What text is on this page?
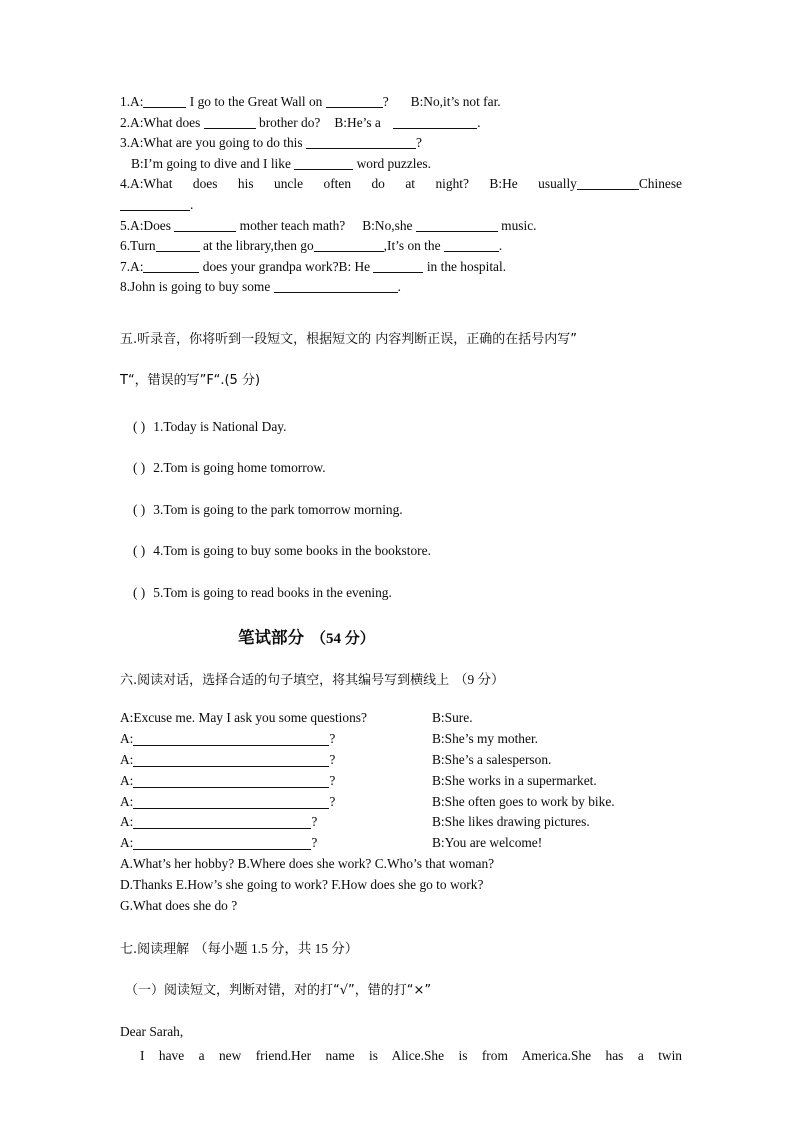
1.A:	I go to the Great Wall on	? B:No,it’s not far.
2.A:What does	brother do? B:He’s a	.
3.A:What are you going to do this	?
B:I’m going to dive and I like	word puzzles.
4.A:What does his uncle often do at night? B:He usually	Chinese
.
5.A:Does	mother teach math? B:No,she	music.
6.Turn	at the library,then go	,It’s on the	.
7.A:	does your grandpa work?B: He	in the hospital.
8.John is going to buy some	.
五.听录音，你将听到一段短文，根据短文的 内容判断正误，正确的在括号内写”
T“，错误的写”F“.(5 分)
( ) 1.Today is National Day.
( ) 2.Tom is going home tomorrow.
( ) 3.Tom is going to the park tomorrow morning.
( ) 4.Tom is going to buy some books in the bookstore.
( ) 5.Tom is going to read books in the evening.
笔试部分 （54 分）
六.阅读对话，选择合适的句子填空，将其编号写到横线上 （9 分）
A:Excuse me. May I ask you some questions?	B:Sure.
A:	?	B:She’s my mother.
A:	?	B:She’s a salesperson.
A:	?	B:She works in a supermarket.
A:	?	B:She often goes to work by bike.
A:	?	B:She likes drawing pictures.
A:	?	B:You are welcome!
A.What’s her hobby? B.Where does she work? C.Who’s that woman?
D.Thanks E.How’s she going to work? F.How does she go to work?
G.What does she do ?
七.阅读理解 （每小题 1.5 分，共 15 分）
（一）阅读短文，判断对错，对的打“√”，错的打“×”
Dear Sarah,
I have a new friend.Her name is Alice.She is from America.She has a twin
